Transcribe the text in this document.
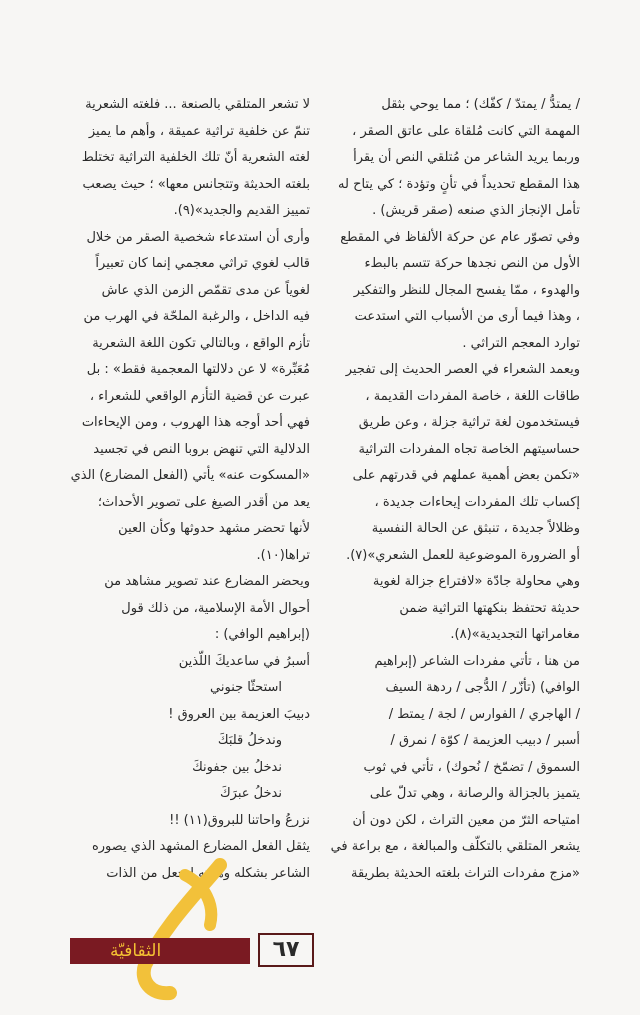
/ يمتدُّ / يمتدّ / كفّك) ؛ مما يوحي بثقل

المهمة التي كانت مُلقاة على عاتق الصقر ،

وربما يريد الشاعر من مُتلقي النص أن يقرأ

هذا المقطع تحديداً في تأنٍ وتؤدة ؛ كي يتاح له

تأمل الإنجاز الذي صنعه (صقر قريش) .

وفي تصوّر عام عن حركة الألفاظ في المقطع

الأول من النص نجدها حركة تتسم بالبطء

والهدوء ، ممّا يفسح المجال للنظر والتفكير

، وهذا فيما أرى من الأسباب التي استدعت

توارد المعجم التراثي .

ويعمد الشعراء في العصر الحديث إلى تفجير

طاقات اللغة ، خاصة المفردات القديمة ،

فيستخدمون لغة تراثية جزلة ، وعن طريق

حساسيتهم الخاصة تجاه المفردات التراثية

«تكمن بعض أهمية عملهم في قدرتهم على

إكساب تلك المفردات إيحاءات جديدة ،

وظلالاً جديدة ، تنبثق عن الحالة النفسية

أو الضرورة الموضوعية للعمل الشعري»(٧).

وهي محاولة جادّة «لافتراع جزالة لغوية

حديثة تحتفظ بنكهتها التراثية ضمن

مغامراتها التجديدية»(٨).

من هنا ، تأتي مفردات الشاعر (إبراهيم

الوافي) (تأزّر / الدُّجى / ردهة السيف

/ الهاجري / الفوارس / لجة / يمتط /

أسبر / دبيب العزيمة / كوّة / نمرق /

السموق / تضمّخ / نُحوك) ، تأتي في ثوب

يتميز بالجزالة والرصانة ، وهي تدلّ على

امتياحه الثرّ من معين التراث ، لكن دون أن

يشعر المتلقي بالتكلّف والمبالغة ، مع براعة في

«مزج مفردات التراث بلغته الحديثة بطريقة

لا تشعر المتلقي بالصنعة ... فلغته الشعرية

تنمّ عن خلفية تراثية عميقة ، وأهم ما يميز

لغته الشعرية أنّ تلك الخلفية التراثية تختلط

بلغته الحديثة وتتجانس معها» ؛ حيث يصعب

تمييز القديم والجديد»(٩).

وأرى أن استدعاء شخصية الصقر من خلال

قالب لغوي تراثي معجمي إنما كان تعبيراً

لغوياً عن مدى تقمّص الزمن الذي عاش

فيه الداخل ، والرغبة الملحّة في الهرب من

تأزم الواقع ، وبالتالي تكون اللغة الشعرية

مُعَبِّرة» لا عن دلالتها المعجمية فقط» : بل

عبرت عن قضية التأزم الواقعي للشعراء ،

فهي أحد أوجه هذا الهروب ، ومن الإيحاءات

الدلالية التي تنهض بروبا النص في تجسيد

«المسكوت عنه» يأتي (الفعل المضارع) الذي

يعد من أقدر الصيغ على تصوير الأحداث؛

لأنها تحضر مشهد حدوثها وكأن العين

تراها(١٠).

ويحضر المضارع عند تصوير مشاهد من

أحوال الأمة الإسلامية، من ذلك قول

(إبراهيم الوافي) :

أسبرُ في ساعديكَ اللّذين

استحثّا جنوني

دبيبَ العزيمة بين العروق !

وندخلُ قلبَكَ

ندخلُ بين جفونكَ

ندخلُ عبرَكَ

نزرعُ واحاتنا للبروق(١١) !!

يثقل الفعل المضارع المشهد الذي يصوره

الشاعر بشكله وهيئته ليجعل من الذات

الثقافيّة	٦٧
